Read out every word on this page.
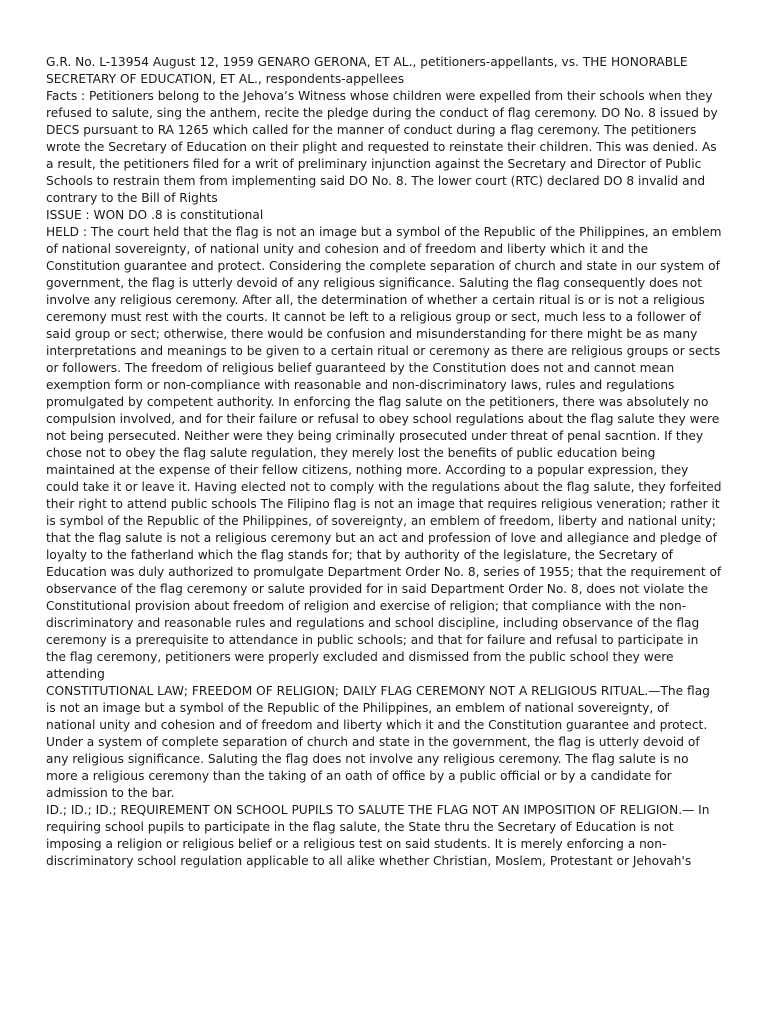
G.R. No. L-13954 August 12, 1959 GENARO GERONA, ET AL., petitioners-appellants, vs. THE HONORABLE SECRETARY OF EDUCATION, ET AL., respondents-appellees

Facts : Petitioners belong to the Jehova’s Witness whose children were expelled from their schools when they refused to salute, sing the anthem, recite the pledge during the conduct of flag ceremony. DO No. 8 issued by DECS pursuant to RA 1265 which called for the manner of conduct during a flag ceremony. The petitioners wrote the Secretary of Education on their plight and requested to reinstate their children. This was denied. As a result, the petitioners filed for a writ of preliminary injunction against the Secretary and Director of Public Schools to restrain them from implementing said DO No. 8. The lower court (RTC) declared DO 8 invalid and contrary to the Bill of Rights

ISSUE : WON DO .8 is constitutional

HELD : The court held that the flag is not an image but a symbol of the Republic of the Philippines, an emblem of national sovereignty, of national unity and cohesion and of freedom and liberty which it and the Constitution guarantee and protect. Considering the complete separation of church and state in our system of government, the flag is utterly devoid of any religious significance. Saluting the flag consequently does not involve any religious ceremony. After all, the determination of whether a certain ritual is or is not a religious ceremony must rest with the courts. It cannot be left to a religious group or sect, much less to a follower of said group or sect; otherwise, there would be confusion and misunderstanding for there might be as many interpretations and meanings to be given to a certain ritual or ceremony as there are religious groups or sects or followers. The freedom of religious belief guaranteed by the Constitution does not and cannot mean exemption form or non-compliance with reasonable and non-discriminatory laws, rules and regulations promulgated by competent authority. In enforcing the flag salute on the petitioners, there was absolutely no compulsion involved, and for their failure or refusal to obey school regulations about the flag salute they were not being persecuted. Neither were they being criminally prosecuted under threat of penal sacntion. If they chose not to obey the flag salute regulation, they merely lost the benefits of public education being maintained at the expense of their fellow citizens, nothing more. According to a popular expression, they could take it or leave it. Having elected not to comply with the regulations about the flag salute, they forfeited their right to attend public schools The Filipino flag is not an image that requires religious veneration; rather it is symbol of the Republic of the Philippines, of sovereignty, an emblem of freedom, liberty and national unity; that the flag salute is not a religious ceremony but an act and profession of love and allegiance and pledge of loyalty to the fatherland which the flag stands for; that by authority of the legislature, the Secretary of Education was duly authorized to promulgate Department Order No. 8, series of 1955; that the requirement of observance of the flag ceremony or salute provided for in said Department Order No. 8, does not violate the Constitutional provision about freedom of religion and exercise of religion; that compliance with the non-discriminatory and reasonable rules and regulations and school discipline, including observance of the flag ceremony is a prerequisite to attendance in public schools; and that for failure and refusal to participate in the flag ceremony, petitioners were properly excluded and dismissed from the public school they were attending

CONSTITUTIONAL LAW; FREEDOM OF RELIGION; DAILY FLAG CEREMONY NOT A RELIGIOUS RITUAL.—The flag is not an image but a symbol of the Republic of the Philippines, an emblem of national sovereignty, of national unity and cohesion and of freedom and liberty which it and the Constitution guarantee and protect. Under a system of complete separation of church and state in the government, the flag is utterly devoid of any religious significance. Saluting the flag does not involve any religious ceremony. The flag salute is no more a religious ceremony than the taking of an oath of office by a public official or by a candidate for admission to the bar.

ID.; ID.; ID.; REQUIREMENT ON SCHOOL PUPILS TO SALUTE THE FLAG NOT AN IMPOSITION OF RELIGION.— In requiring school pupils to participate in the flag salute, the State thru the Secretary of Education is not imposing a religion or religious belief or a religious test on said students. It is merely enforcing a non-discriminatory school regulation applicable to all alike whether Christian, Moslem, Protestant or Jehovah's
